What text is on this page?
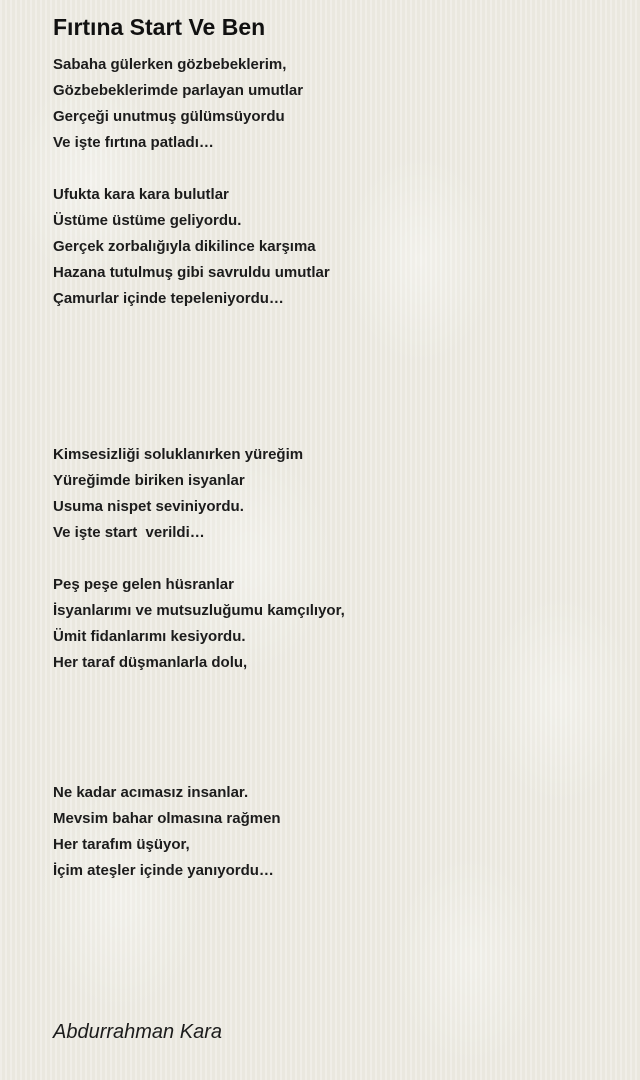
Fırtına Start Ve Ben
Sabaha gülerken gözbebeklerim,
Gözbebeklerimde parlayan umutlar
Gerçeği unutmuş gülümsüyordu
Ve işte fırtına patladı…
Ufukta kara kara bulutlar
Üstüme üstüme geliyordu.
Gerçek zorbalığıyla dikilince karşıma
Hazana tutulmuş gibi savruldu umutlar
Çamurlar içinde tepeleniyordu…
Kimsesizliği soluklanırken yüreğim
Yüreğimde biriken isyanlar
Usuma nispet seviniyordu.
Ve işte start  verildi…
Peş peşe gelen hüsranlar
İsyanlarımı ve mutsuzluğumu kamçılıyor,
Ümit fidanlarımı kesiyordu.
Her taraf düşmanlarla dolu,
Ne kadar acımasız insanlar.
Mevsim bahar olmasına rağmen
Her tarafım üşüyor,
İçim ateşler içinde yanıyordu…
Abdurrahman Kara
